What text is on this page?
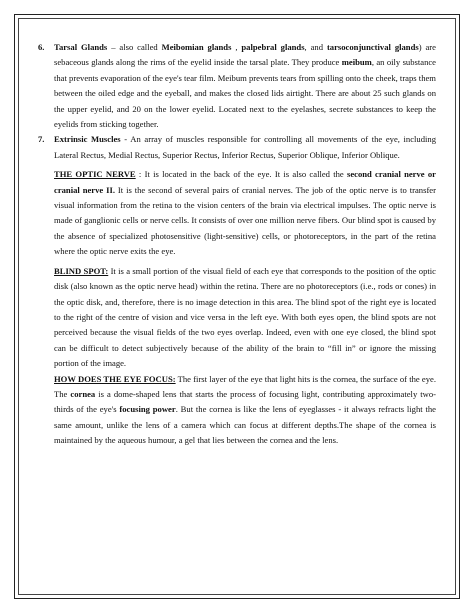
6. Tarsal Glands – also called Meibomian glands , palpebral glands, and tarsoconjunctival glands) are sebaceous glands along the rims of the eyelid inside the tarsal plate. They produce meibum, an oily substance that prevents evaporation of the eye's tear film. Meibum prevents tears from spilling onto the cheek, traps them between the oiled edge and the eyeball, and makes the closed lids airtight. There are about 25 such glands on the upper eyelid, and 20 on the lower eyelid. Located next to the eyelashes, secrete substances to keep the eyelids from sticking together.

7. Extrinsic Muscles - An array of muscles responsible for controlling all movements of the eye, including Lateral Rectus, Medial Rectus, Superior Rectus, Inferior Rectus, Superior Oblique, Inferior Oblique.

THE OPTIC NERVE : It is located in the back of the eye. It is also called the second cranial nerve or cranial nerve II. It is the second of several pairs of cranial nerves. The job of the optic nerve is to transfer visual information from the retina to the vision centers of the brain via electrical impulses. The optic nerve is made of ganglionic cells or nerve cells. It consists of over one million nerve fibers. Our blind spot is caused by the absence of specialized photosensitive (light-sensitive) cells, or photoreceptors, in the part of the retina where the optic nerve exits the eye.

BLIND SPOT: It is a small portion of the visual field of each eye that corresponds to the position of the optic disk (also known as the optic nerve head) within the retina. There are no photoreceptors (i.e., rods or cones) in the optic disk, and, therefore, there is no image detection in this area. The blind spot of the right eye is located to the right of the centre of vision and vice versa in the left eye. With both eyes open, the blind spots are not perceived because the visual fields of the two eyes overlap. Indeed, even with one eye closed, the blind spot can be difficult to detect subjectively because of the ability of the brain to “fill in” or ignore the missing portion of the image.

HOW DOES THE EYE FOCUS: The first layer of the eye that light hits is the cornea, the surface of the eye. The cornea is a dome-shaped lens that starts the process of focusing light, contributing approximately two-thirds of the eye's focusing power. But the cornea is like the lens of eyeglasses - it always refracts light the same amount, unlike the lens of a camera which can focus at different depths.The shape of the cornea is maintained by the aqueous humour, a gel that lies between the cornea and the lens.
